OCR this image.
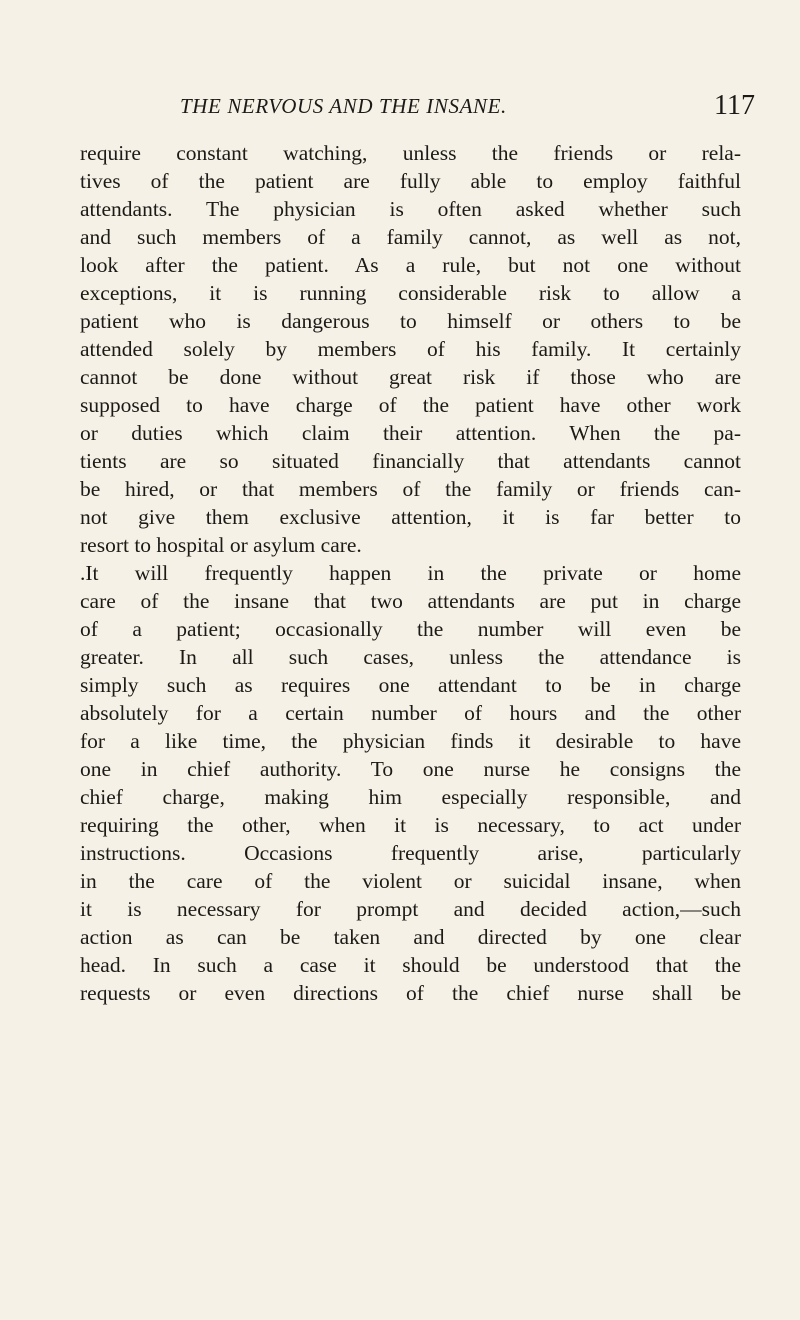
THE NERVOUS AND THE INSANE.	117
require constant watching, unless the friends or rela-
tives of the patient are fully able to employ faithful
attendants. The physician is often asked whether such
and such members of a family cannot, as well as not,
look after the patient. As a rule, but not one without
exceptions, it is running considerable risk to allow a
patient who is dangerous to himself or others to be
attended solely by members of his family. It certainly
cannot be done without great risk if those who are
supposed to have charge of the patient have other work
or duties which claim their attention. When the pa-
tients are so situated financially that attendants cannot
be hired, or that members of the family or friends can-
not give them exclusive attention, it is far better to
resort to hospital or asylum care.
.It will frequently happen in the private or home
care of the insane that two attendants are put in charge
of a patient; occasionally the number will even be
greater. In all such cases, unless the attendance is
simply such as requires one attendant to be in charge
absolutely for a certain number of hours and the other
for a like time, the physician finds it desirable to have
one in chief authority. To one nurse he consigns the
chief charge, making him especially responsible, and
requiring the other, when it is necessary, to act under
instructions. Occasions frequently arise, particularly
in the care of the violent or suicidal insane, when
it is necessary for prompt and decided action,—such
action as can be taken and directed by one clear
head. In such a case it should be understood that the
requests or even directions of the chief nurse shall be
